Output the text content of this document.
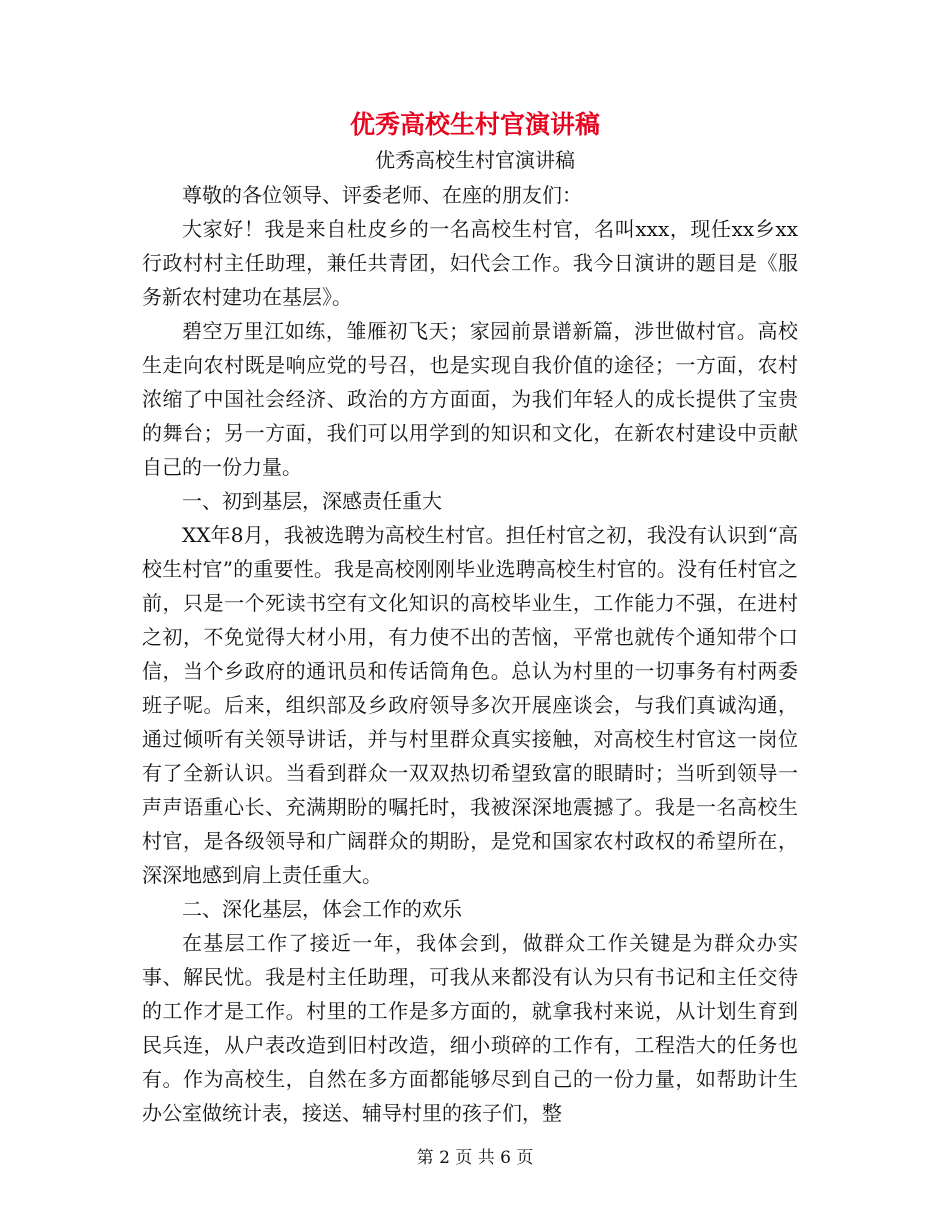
优秀高校生村官演讲稿
优秀高校生村官演讲稿

尊敬的各位领导、评委老师、在座的朋友们：

大家好！我是来自杜皮乡的一名高校生村官，名叫xxx，现任xx乡xx行政村村主任助理，兼任共青团，妇代会工作。我今日演讲的题目是《服务新农村建功在基层》。

碧空万里江如练，雏雁初飞天；家园前景谱新篇，涉世做村官。高校生走向农村既是响应党的号召，也是实现自我价值的途径；一方面，农村浓缩了中国社会经济、政治的方方面面，为我们年轻人的成长提供了宝贵的舞台；另一方面，我们可以用学到的知识和文化，在新农村建设中贡献自己的一份力量。

一、初到基层，深感责任重大

XX年8月，我被选聘为高校生村官。担任村官之初，我没有认识到“高校生村官”的重要性。我是高校刚刚毕业选聘高校生村官的。没有任村官之前，只是一个死读书空有文化知识的高校毕业生，工作能力不强，在进村之初，不免觉得大材小用，有力使不出的苦恼，平常也就传个通知带个口信，当个乡政府的通讯员和传话筒角色。总认为村里的一切事务有村两委班子呢。后来，组织部及乡政府领导多次开展座谈会，与我们真诚沟通，通过倾听有关领导讲话，并与村里群众真实接触，对高校生村官这一岗位有了全新认识。当看到群众一双双热切希望致富的眼睛时；当听到领导一声声语重心长、充满期盼的嘱托时，我被深深地震撼了。我是一名高校生村官，是各级领导和广阔群众的期盼，是党和国家农村政权的希望所在，深深地感到肩上责任重大。

二、深化基层，体会工作的欢乐

在基层工作了接近一年，我体会到，做群众工作关键是为群众办实事、解民忧。我是村主任助理，可我从来都没有认为只有书记和主任交待的工作才是工作。村里的工作是多方面的，就拿我村来说，从计划生育到民兵连，从户表改造到旧村改造，细小琐碎的工作有，工程浩大的任务也有。作为高校生，自然在多方面都能够尽到自己的一份力量，如帮助计生办公室做统计表，接送、辅导村里的孩子们，整

第 2 页 共 6 页
